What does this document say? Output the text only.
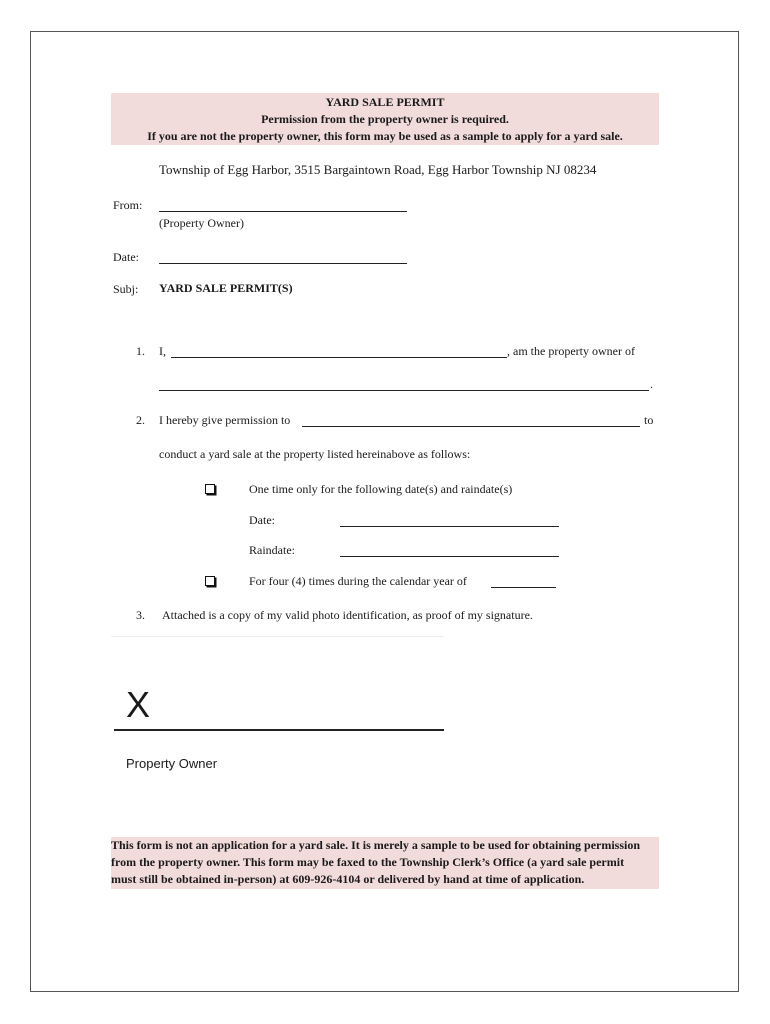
YARD SALE PERMIT
Permission from the property owner is required.
If you are not the property owner, this form may be used as a sample to apply for a yard sale.
Township of Egg Harbor, 3515 Bargaintown Road, Egg Harbor Township NJ 08234
From:
(Property Owner)
Date:
Subj: YARD SALE PERMIT(S)
1. I,	, am the property owner of
.
2. I hereby give permission to	to
conduct a yard sale at the property listed hereinabove as follows:
One time only for the following date(s) and raindate(s)
Date:
Raindate:
For four (4) times during the calendar year of
3. Attached is a copy of my valid photo identification, as proof of my signature.
X
Property Owner
This form is not an application for a yard sale. It is merely a sample to be used for obtaining permission
from the property owner. This form may be faxed to the Township Clerk’s Office (a yard sale permit
must still be obtained in-person) at 609-926-4104 or delivered by hand at time of application.
